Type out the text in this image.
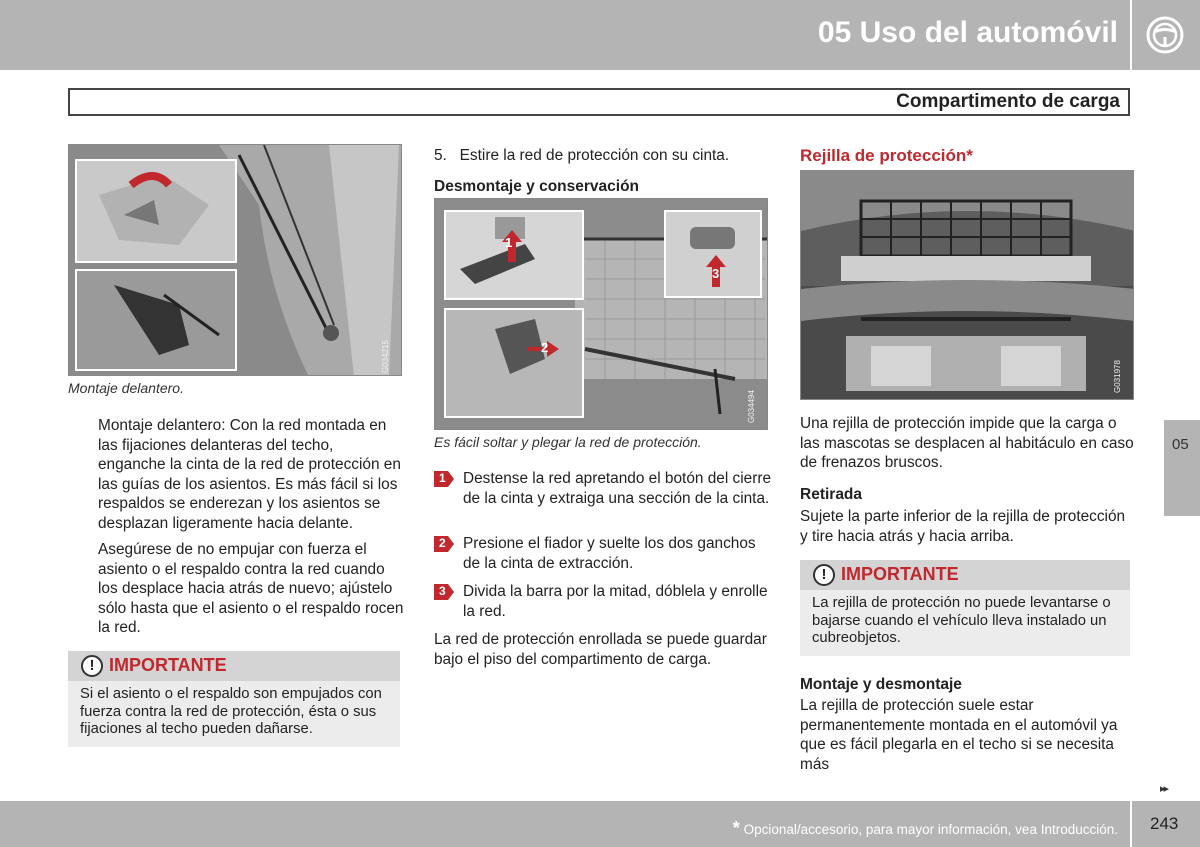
05 Uso del automóvil
Compartimento de carga
G034215
Montaje delantero.
Montaje delantero: Con la red montada en las fijaciones delanteras del techo, enganche la cinta de la red de protección en las guías de los asientos. Es más fácil si los respaldos se enderezan y los asientos se desplazan ligeramente hacia delante.
Asegúrese de no empujar con fuerza el asiento o el respaldo contra la red cuando los desplace hacia atrás de nuevo; ajústelo sólo hasta que el asiento o el respaldo rocen la red.
! IMPORTANTE
Si el asiento o el respaldo son empujados con fuerza contra la red de protección, ésta o sus fijaciones al techo pueden dañarse.
5.   Estire la red de protección con su cinta.
Desmontaje y conservación
1
2
3
G034494
Es fácil soltar y plegar la red de protección.
1 Destense la red apretando el botón del cierre de la cinta y extraiga una sección de la cinta.
2 Presione el fiador y suelte los dos ganchos de la cinta de extracción.
3 Divida la barra por la mitad, dóblela y enrolle la red.
La red de protección enrollada se puede guardar bajo el piso del compartimento de carga.
Rejilla de protección*
G031978
Una rejilla de protección impide que la carga o las mascotas se desplacen al habitáculo en caso de frenazos bruscos.
Retirada
Sujete la parte inferior de la rejilla de protección y tire hacia atrás y hacia arriba.
! IMPORTANTE
La rejilla de protección no puede levantarse o bajarse cuando el vehículo lleva instalado un cubreobjetos.
Montaje y desmontaje
La rejilla de protección suele estar permanentemente montada en el automóvil ya que es fácil plegarla en el techo si se necesita más
05
▸▸
* Opcional/accesorio, para mayor información, vea Introducción. 243
